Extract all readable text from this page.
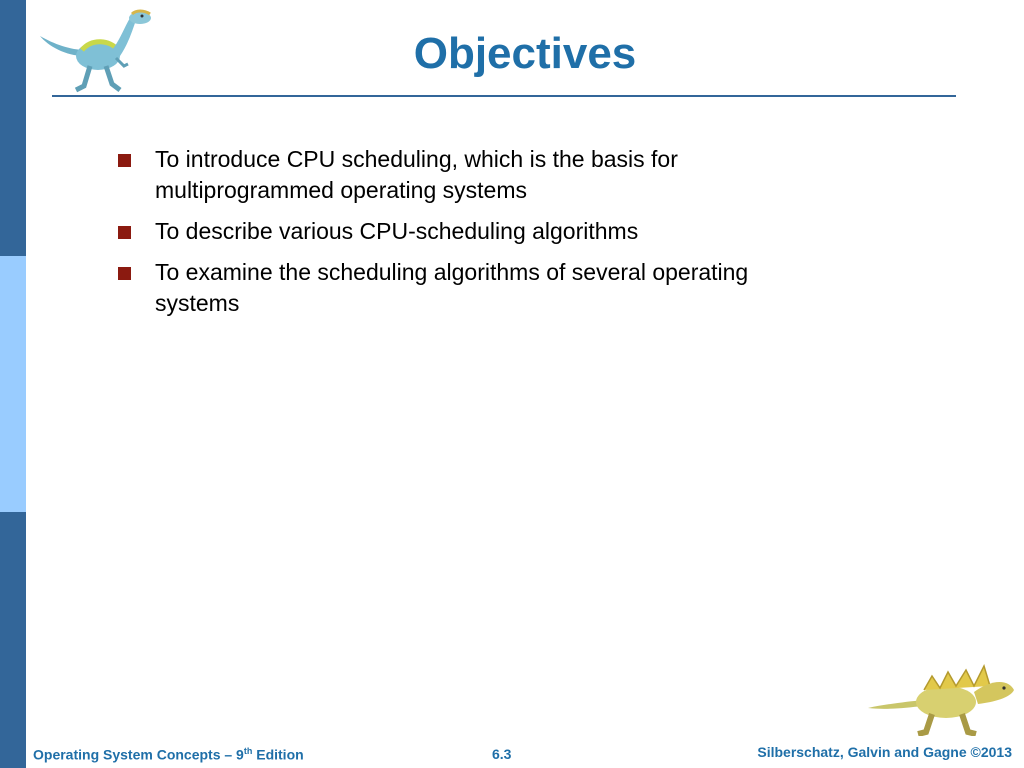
Objectives
To introduce CPU scheduling, which is the basis for multiprogrammed operating systems
To describe various CPU-scheduling algorithms
To examine the scheduling algorithms of several operating systems
Operating System Concepts – 9th Edition	6.3	Silberschatz, Galvin and Gagne ©2013
